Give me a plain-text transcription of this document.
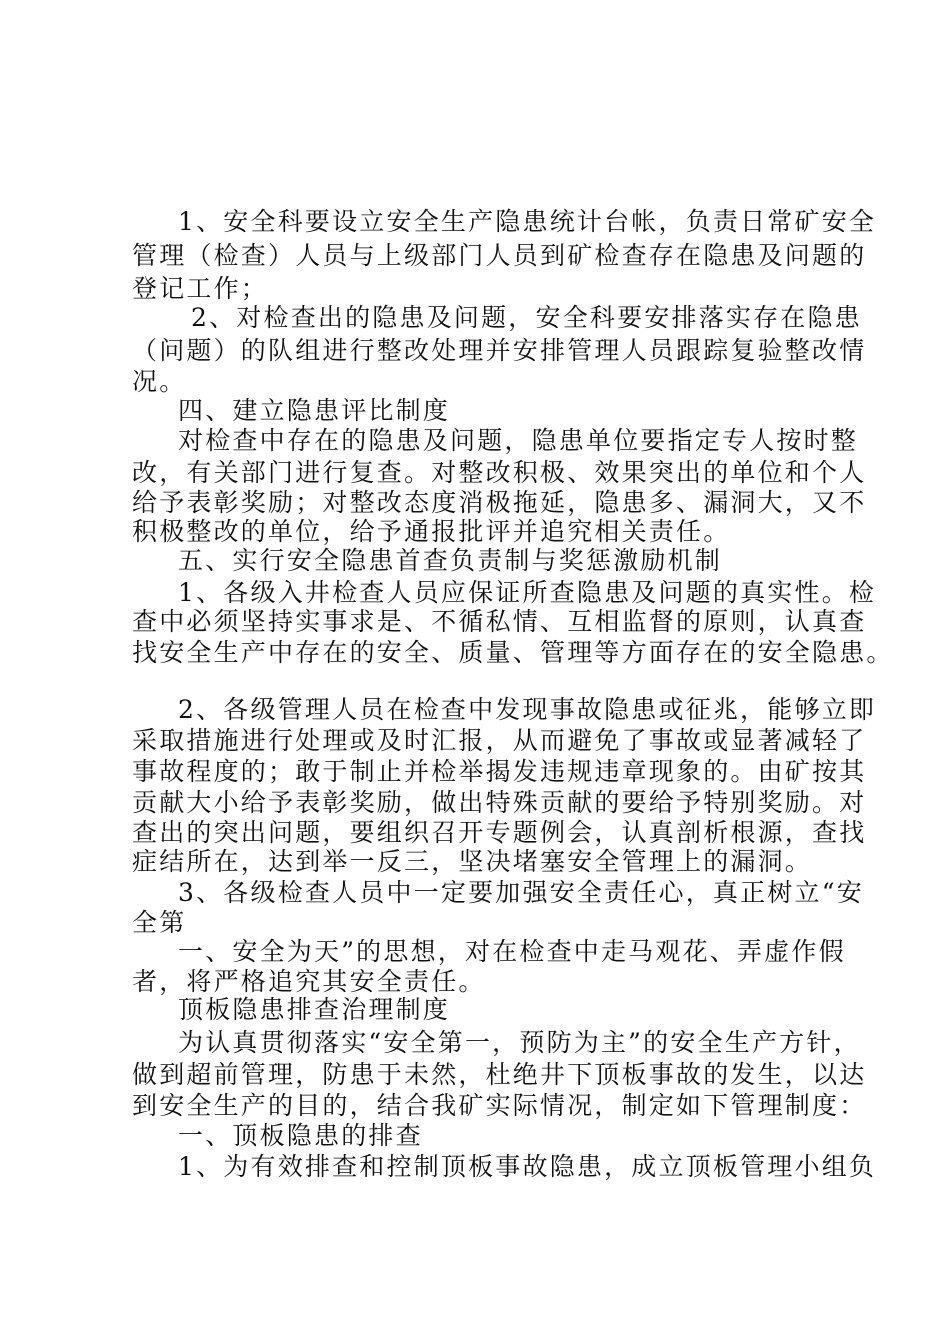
1、安全科要设立安全生产隐患统计台帐，负责日常矿安全
管理（检查）人员与上级部门人员到矿检查存在隐患及问题的
登记工作；
2、对检查出的隐患及问题，安全科要安排落实存在隐患
（问题）的队组进行整改处理并安排管理人员跟踪复验整改情
况。
四、建立隐患评比制度
对检查中存在的隐患及问题，隐患单位要指定专人按时整
改，有关部门进行复查。对整改积极、效果突出的单位和个人
给予表彰奖励；对整改态度消极拖延，隐患多、漏洞大，又不
积极整改的单位，给予通报批评并追究相关责任。
五、实行安全隐患首查负责制与奖惩激励机制
1、各级入井检查人员应保证所查隐患及问题的真实性。检
查中必须坚持实事求是、不循私情、互相监督的原则，认真查
找安全生产中存在的安全、质量、管理等方面存在的安全隐患。
2、各级管理人员在检查中发现事故隐患或征兆，能够立即
采取措施进行处理或及时汇报，从而避免了事故或显著减轻了
事故程度的；敢于制止并检举揭发违规违章现象的。由矿按其
贡献大小给予表彰奖励，做出特殊贡献的要给予特别奖励。对
查出的突出问题，要组织召开专题例会，认真剖析根源，查找
症结所在，达到举一反三，坚决堵塞安全管理上的漏洞。
3、各级检查人员中一定要加强安全责任心，真正树立“安
全第
一、安全为天”的思想，对在检查中走马观花、弄虚作假
者，将严格追究其安全责任。
顶板隐患排查治理制度
为认真贯彻落实“安全第一，预防为主”的安全生产方针，
做到超前管理，防患于未然，杜绝井下顶板事故的发生，以达
到安全生产的目的，结合我矿实际情况，制定如下管理制度：
一、顶板隐患的排查
1、为有效排查和控制顶板事故隐患，成立顶板管理小组负
